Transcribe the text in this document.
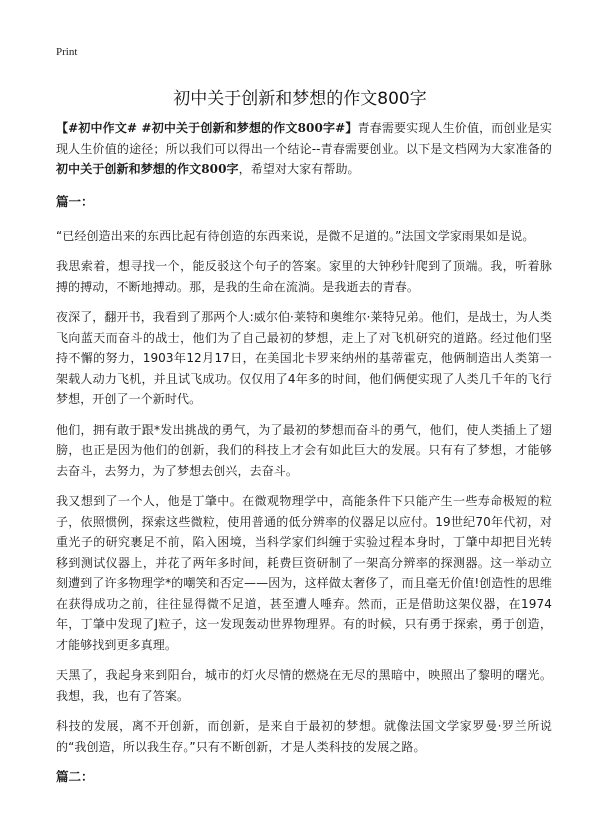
Print
初中关于创新和梦想的作文800字

【#初中作文# #初中关于创新和梦想的作文800字#】青春需要实现人生价值，而创业是实现人生价值的途径；所以我们可以得出一个结论--青春需要创业。以下是文档网为大家准备的初中关于创新和梦想的作文800字，希望对大家有帮助。

篇一：

“已经创造出来的东西比起有待创造的东西来说，是微不足道的。”法国文学家雨果如是说。

我思索着，想寻找一个，能反驳这个句子的答案。家里的大钟秒针爬到了顶端。我，听着脉搏的搏动，不断地搏动。那，是我的生命在流淌。是我逝去的青春。

夜深了，翻开书，我看到了那两个人:威尔伯·莱特和奥维尔·莱特兄弟。他们，是战士，为人类飞向蓝天而奋斗的战士，他们为了自己最初的梦想，走上了对飞机研究的道路。经过他们坚持不懈的努力，1903年12月17日，在美国北卡罗来纳州的基蒂霍克，他俩制造出人类第一架载人动力飞机，并且试飞成功。仅仅用了4年多的时间，他们俩便实现了人类几千年的飞行梦想，开创了一个新时代。

他们，拥有敢于跟*发出挑战的勇气，为了最初的梦想而奋斗的勇气，他们，使人类插上了翅膀，也正是因为他们的创新，我们的科技上才会有如此巨大的发展。只有有了梦想，才能够去奋斗，去努力，为了梦想去创兴，去奋斗。

我又想到了一个人，他是丁肇中。在微观物理学中，高能条件下只能产生一些寿命极短的粒子，依照惯例，探索这些微粒，使用普通的低分辨率的仪器足以应付。19世纪70年代初，对重光子的研究裹足不前，陷入困境，当科学家们纠缠于实验过程本身时，丁肇中却把目光转移到测试仪器上，并花了两年多时间，耗费巨资研制了一架高分辨率的探测器。这一举动立刻遭到了许多物理学*的嘲笑和否定——因为，这样做太奢侈了，而且毫无价值!创造性的思维在获得成功之前，往往显得微不足道，甚至遭人唾弃。然而，正是借助这架仪器，在1974年，丁肇中发现了J粒子，这一发现轰动世界物理界。有的时候，只有勇于探索，勇于创造，才能够找到更多真理。

天黑了，我起身来到阳台，城市的灯火尽情的燃烧在无尽的黑暗中，映照出了黎明的曙光。我想，我，也有了答案。

科技的发展，离不开创新，而创新，是来自于最初的梦想。就像法国文学家罗曼·罗兰所说的“我创造，所以我生存。”只有不断创新，才是人类科技的发展之路。

篇二：
